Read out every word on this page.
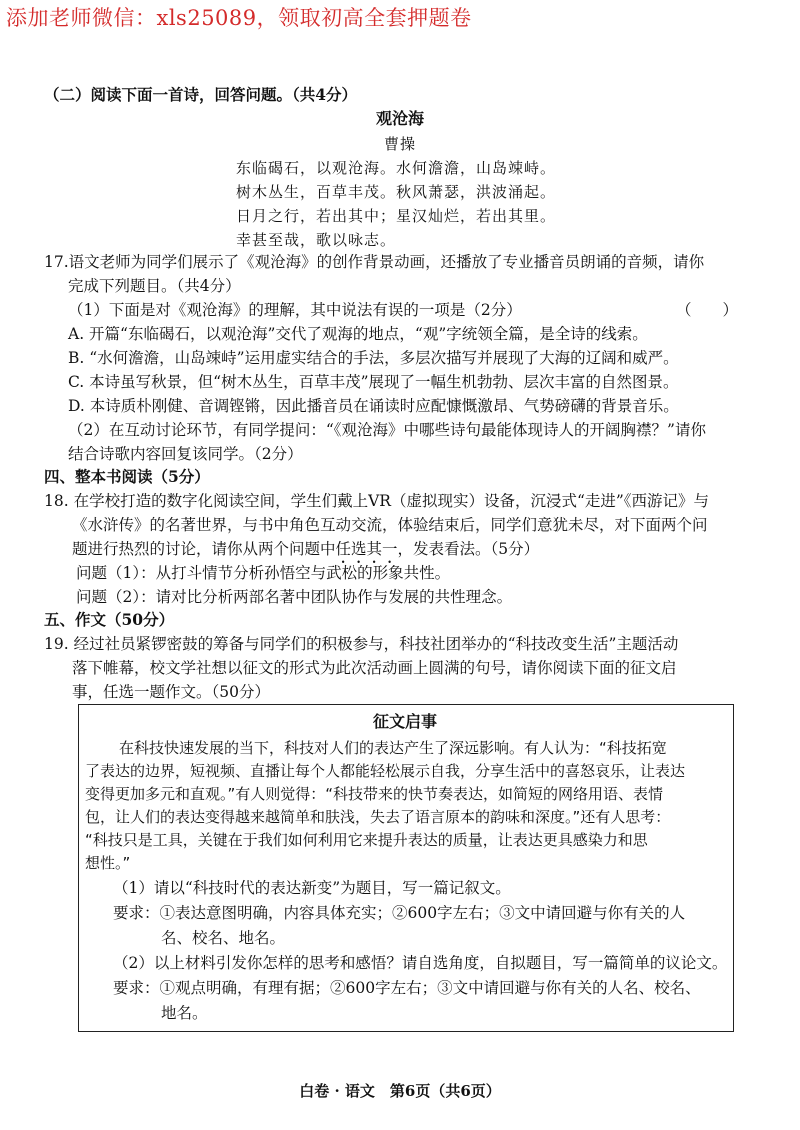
添加老师微信：xls25089，领取初高全套押题卷
（二）阅读下面一首诗，回答问题。（共4分）
观沧海
曹操
东临碣石，以观沧海。水何澹澹，山岛竦峙。
树木丛生，百草丰茂。秋风萧瑟，洪波涌起。
日月之行，若出其中；星汉灿烂，若出其里。
幸甚至哉，歌以咏志。
17.语文老师为同学们展示了《观沧海》的创作背景动画，还播放了专业播音员朗诵的音频，请你
完成下列题目。（共4分）
（1）下面是对《观沧海》的理解，其中说法有误的一项是（2分）	（　　）
A. 开篇“东临碣石，以观沧海”交代了观海的地点，“观”字统领全篇，是全诗的线索。
B. “水何澹澹，山岛竦峙”运用虚实结合的手法，多层次描写并展现了大海的辽阔和威严。
C. 本诗虽写秋景，但“树木丛生，百草丰茂”展现了一幅生机勃勃、层次丰富的自然图景。
D. 本诗质朴刚健、音调铿锵，因此播音员在诵读时应配慷慨激昂、气势磅礴的背景音乐。
（2）在互动讨论环节，有同学提问：“《观沧海》中哪些诗句最能体现诗人的开阔胸襟？”请你
结合诗歌内容回复该同学。（2分）
四、整本书阅读（5分）
18. 在学校打造的数字化阅读空间，学生们戴上VR（虚拟现实）设备，沉浸式“走进”《西游记》与
《水浒传》的名著世界，与书中角色互动交流，体验结束后，同学们意犹未尽，对下面两个问
题进行热烈的讨论，请你从两个问题中任选其一，发表看法。（5分）
问题（1）：从打斗情节分析孙悟空与武松的形象共性。
问题（2）：请对比分析两部名著中团队协作与发展的共性理念。
五、作文（50分）
19. 经过社员紧锣密鼓的筹备与同学们的积极参与，科技社团举办的“科技改变生活”主题活动
落下帷幕，校文学社想以征文的形式为此次活动画上圆满的句号，请你阅读下面的征文启
事，任选一题作文。（50分）
征文启事
在科技快速发展的当下，科技对人们的表达产生了深远影响。有人认为：“科技拓宽
了表达的边界，短视频、直播让每个人都能轻松展示自我，分享生活中的喜怒哀乐，让表达
变得更加多元和直观。”有人则觉得：“科技带来的快节奏表达，如简短的网络用语、表情
包，让人们的表达变得越来越简单和肤浅，失去了语言原本的韵味和深度。”还有人思考：
“科技只是工具，关键在于我们如何利用它来提升表达的质量，让表达更具感染力和思
想性。”
（1）请以“科技时代的表达新变”为题目，写一篇记叙文。
要求：①表达意图明确，内容具体充实；②600字左右；③文中请回避与你有关的人
名、校名、地名。
（2）以上材料引发你怎样的思考和感悟？请自选角度，自拟题目，写一篇简单的议论文。
要求：①观点明确，有理有据；②600字左右；③文中请回避与你有关的人名、校名、
地名。
白卷 · 语文　第6页（共6页）
